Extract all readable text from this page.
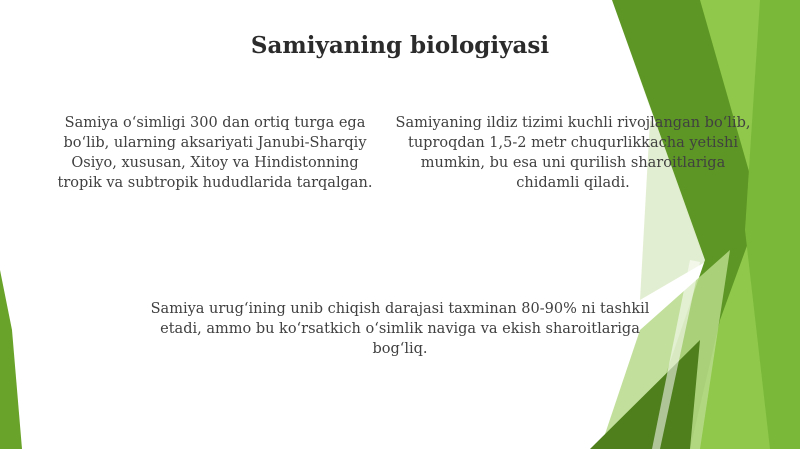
Samiyaning biologiyasi
Samiya oʻsimligi 300 dan ortiq turga ega boʻlib, ularning aksariyati Janubi-Sharqiy Osiyo, xususan, Xitoy va Hindistonning tropik va subtropik hududlarida tarqalgan.
Samiyaning ildiz tizimi kuchli rivojlangan boʻlib, tuproqdan 1,5-2 metr chuqurlikkacha yetishi mumkin, bu esa uni qurilish sharoitlariga chidamli qiladi.
Samiya urugʻining unib chiqish darajasi taxminan 80-90% ni tashkil etadi, ammo bu koʻrsatkich oʻsimlik naviga va ekish sharoitlariga bogʻliq.
